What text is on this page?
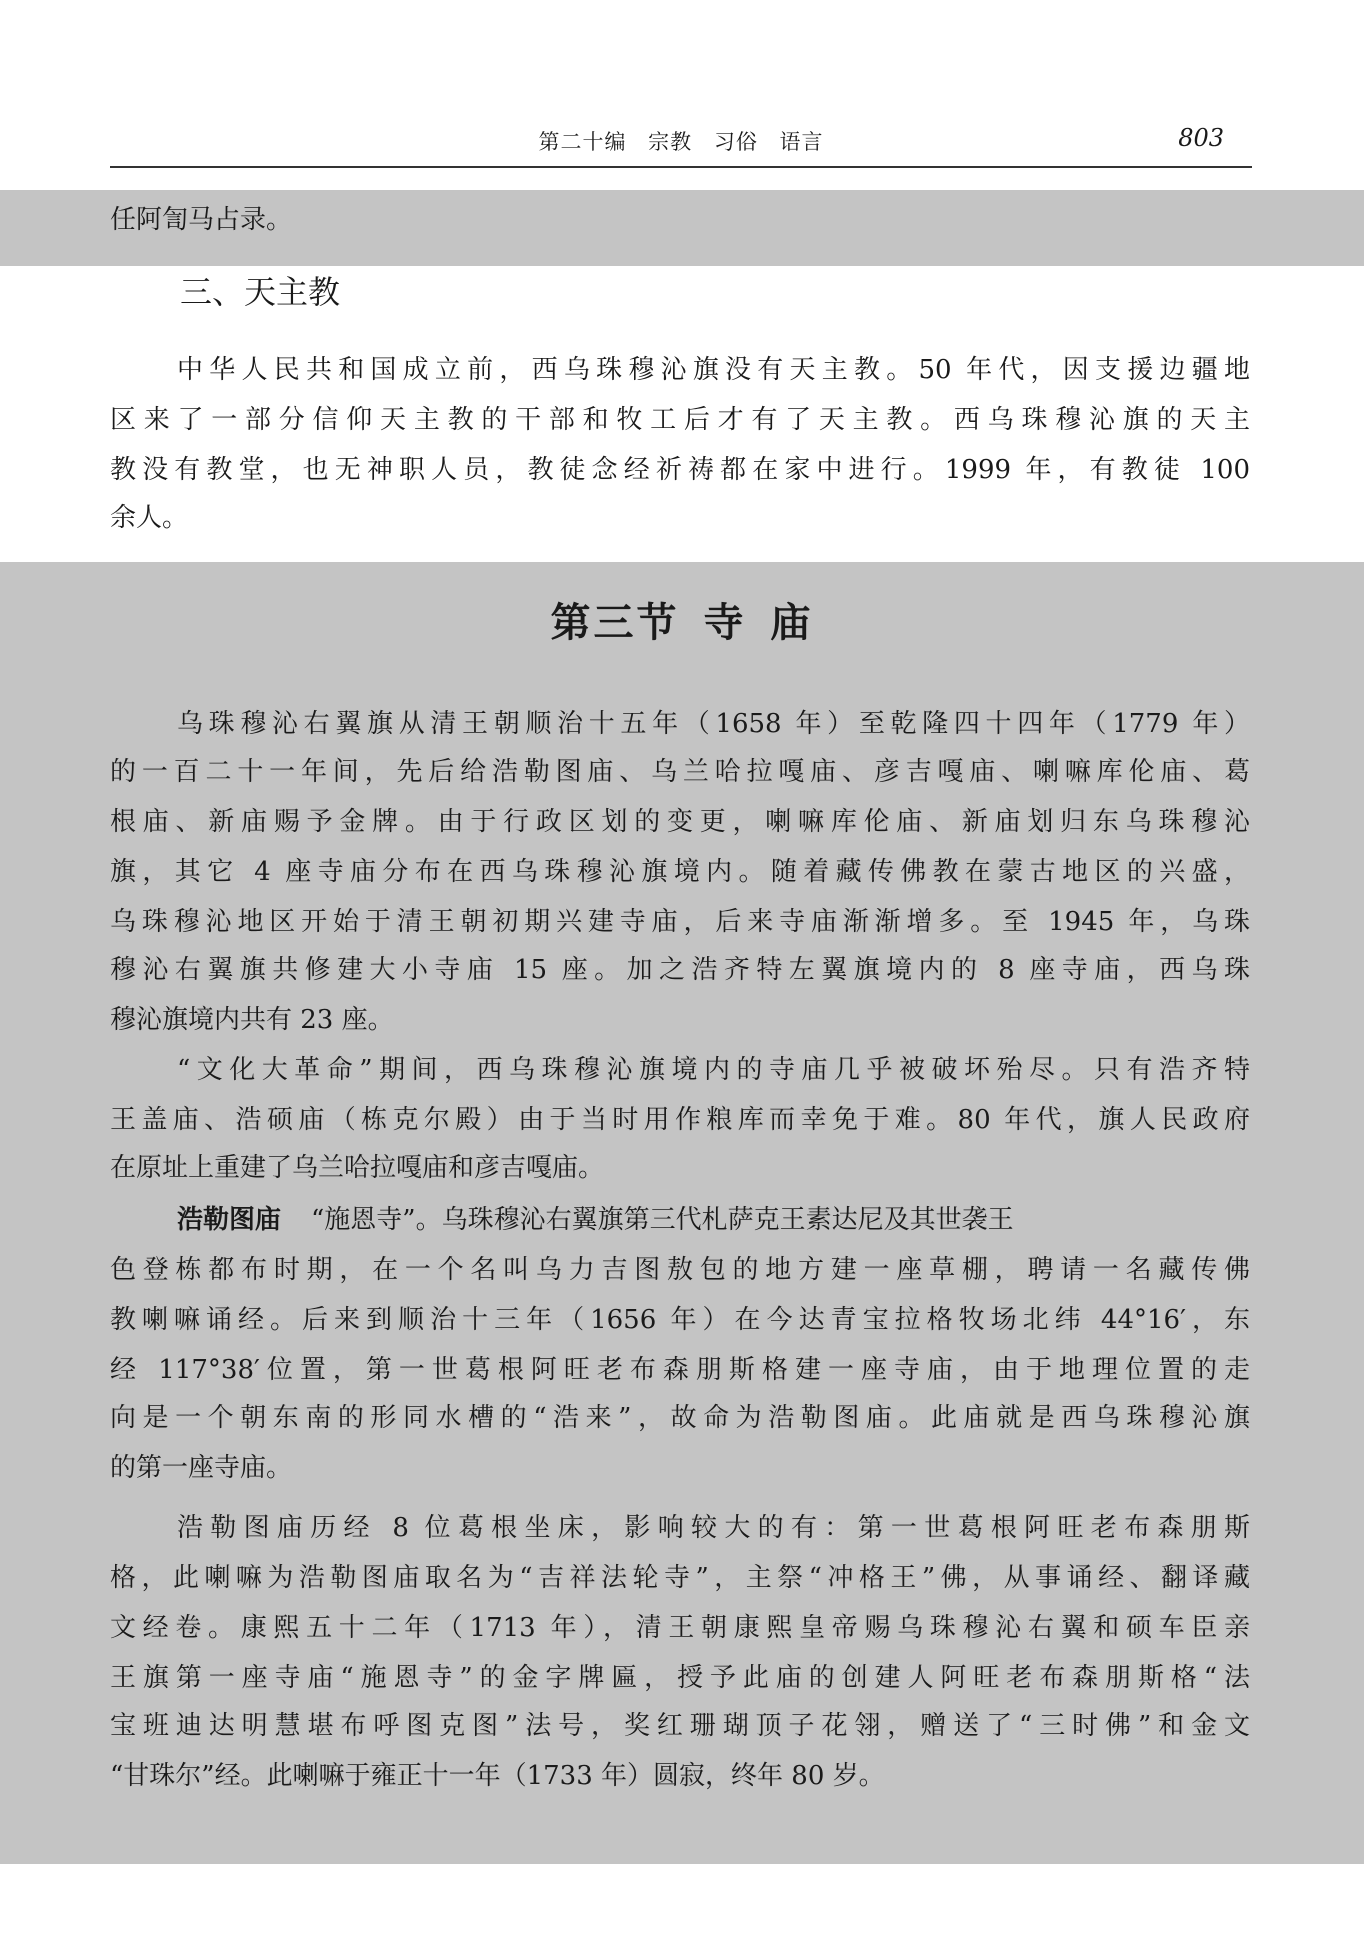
第二十编 宗教 习俗 语言	803
任阿訇马占录。
三、天主教
中华人民共和国成立前，西乌珠穆沁旗没有天主教。50 年代，因支援边疆地
区来了一部分信仰天主教的干部和牧工后才有了天主教。西乌珠穆沁旗的天主
教没有教堂，也无神职人员，教徒念经祈祷都在家中进行。1999 年，有教徒 100
余人。
第三节 寺 庙
乌珠穆沁右翼旗从清王朝顺治十五年（1658 年）至乾隆四十四年（1779 年）
的一百二十一年间，先后给浩勒图庙、乌兰哈拉嘎庙、彦吉嘎庙、喇嘛库伦庙、葛
根庙、新庙赐予金牌。由于行政区划的变更，喇嘛库伦庙、新庙划归东乌珠穆沁
旗，其它 4 座寺庙分布在西乌珠穆沁旗境内。随着藏传佛教在蒙古地区的兴盛，
乌珠穆沁地区开始于清王朝初期兴建寺庙，后来寺庙渐渐增多。至 1945 年，乌珠
穆沁右翼旗共修建大小寺庙 15 座。加之浩齐特左翼旗境内的 8 座寺庙，西乌珠
穆沁旗境内共有 23 座。
“文化大革命”期间，西乌珠穆沁旗境内的寺庙几乎被破坏殆尽。只有浩齐特
王盖庙、浩硕庙（栋克尔殿）由于当时用作粮库而幸免于难。80 年代，旗人民政府
在原址上重建了乌兰哈拉嘎庙和彦吉嘎庙。
浩勒图庙 “施恩寺”。乌珠穆沁右翼旗第三代札萨克王素达尼及其世袭王
色登栋都布时期，在一个名叫乌力吉图敖包的地方建一座草棚，聘请一名藏传佛
教喇嘛诵经。后来到顺治十三年（1656 年）在今达青宝拉格牧场北纬 44°16′，东
经 117°38′位置，第一世葛根阿旺老布森朋斯格建一座寺庙，由于地理位置的走
向是一个朝东南的形同水槽的“浩来”，故命为浩勒图庙。此庙就是西乌珠穆沁旗
的第一座寺庙。
浩勒图庙历经 8 位葛根坐床，影响较大的有：第一世葛根阿旺老布森朋斯
格，此喇嘛为浩勒图庙取名为“吉祥法轮寺”，主祭“冲格王”佛，从事诵经、翻译藏
文经卷。康熙五十二年（1713 年），清王朝康熙皇帝赐乌珠穆沁右翼和硕车臣亲
王旗第一座寺庙“施恩寺”的金字牌匾，授予此庙的创建人阿旺老布森朋斯格“法
宝班迪达明慧堪布呼图克图”法号，奖红珊瑚顶子花翎，赠送了“三时佛”和金文
“甘珠尔”经。此喇嘛于雍正十一年（1733 年）圆寂，终年 80 岁。
